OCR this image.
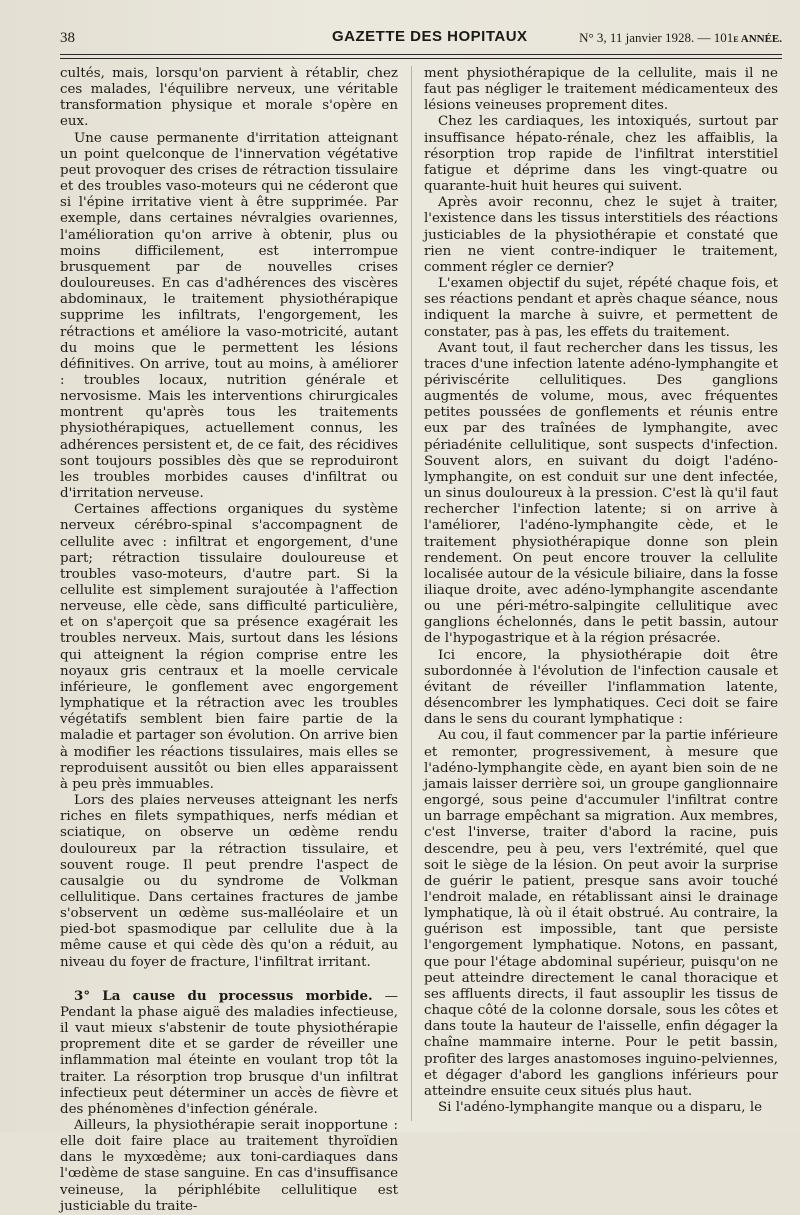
38	GAZETTE DES HOPITAUX	N° 3, 11 janvier 1928. — 101e ANNÉE.

cultés, mais, lorsqu'on parvient à rétablir, chez ces malades, l'équilibre nerveux, une véritable transformation physique et morale s'opère en eux.

Une cause permanente d'irritation atteignant un point quelconque de l'innervation végétative peut provoquer des crises de rétraction tissulaire et des troubles vaso-moteurs qui ne céderont que si l'épine irritative vient à être supprimée. Par exemple, dans certaines névralgies ovariennes, l'amélioration qu'on arrive à obtenir, plus ou moins difficilement, est interrompue brusquement par de nouvelles crises douloureuses. En cas d'adhérences des viscères abdominaux, le traitement physiothérapique supprime les infiltrats, l'engorgement, les rétractions et améliore la vaso-motricité, autant du moins que le permettent les lésions définitives. On arrive, tout au moins, à améliorer : troubles locaux, nutrition générale et nervosisme. Mais les interventions chirurgicales montrent qu'après tous les traitements physiothérapiques, actuellement connus, les adhérences persistent et, de ce fait, des récidives sont toujours possibles dès que se reproduiront les troubles morbides causes d'infiltrat ou d'irritation nerveuse.

Certaines affections organiques du système nerveux cérébro-spinal s'accompagnent de cellulite avec : infiltrat et engorgement, d'une part; rétraction tissulaire douloureuse et troubles vaso-moteurs, d'autre part. Si la cellulite est simplement surajoutée à l'affection nerveuse, elle cède, sans difficulté particulière, et on s'aperçoit que sa présence exagérait les troubles nerveux. Mais, surtout dans les lésions qui atteignent la région comprise entre les noyaux gris centraux et la moelle cervicale inférieure, le gonflement avec engorgement lymphatique et la rétraction avec les troubles végétatifs semblent bien faire partie de la maladie et partager son évolution. On arrive bien à modifier les réactions tissulaires, mais elles se reproduisent aussitôt ou bien elles apparaissent à peu près immuables.

Lors des plaies nerveuses atteignant les nerfs riches en filets sympathiques, nerfs médian et sciatique, on observe un œdème rendu douloureux par la rétraction tissulaire, et souvent rouge. Il peut prendre l'aspect de causalgie ou du syndrome de Volkman cellulitique. Dans certaines fractures de jambe s'observent un œdème sus-malléolaire et un pied-bot spasmodique par cellulite due à la même cause et qui cède dès qu'on a réduit, au niveau du foyer de fracture, l'infiltrat irritant.

3° La cause du processus morbide. — Pendant la phase aiguë des maladies infectieuse, il vaut mieux s'abstenir de toute physiothérapie proprement dite et se garder de réveiller une inflammation mal éteinte en voulant trop tôt la traiter. La résorption trop brusque d'un infiltrat infectieux peut déterminer un accès de fièvre et des phénomènes d'infection générale.

Ailleurs, la physiothérapie serait inopportune : elle doit faire place au traitement thyroïdien dans le myxœdème; aux toni-cardiaques dans l'œdème de stase sanguine. En cas d'insuffisance veineuse, la périphlébite cellulitique est justiciable du traite-

ment physiothérapique de la cellulite, mais il ne faut pas négliger le traitement médicamenteux des lésions veineuses proprement dites.

Chez les cardiaques, les intoxiqués, surtout par insuffisance hépato-rénale, chez les affaiblis, la résorption trop rapide de l'infiltrat interstitiel fatigue et déprime dans les vingt-quatre ou quarante-huit huit heures qui suivent.

Après avoir reconnu, chez le sujet à traiter, l'existence dans les tissus interstitiels des réactions justiciables de la physiothérapie et constaté que rien ne vient contre-indiquer le traitement, comment régler ce dernier?

L'examen objectif du sujet, répété chaque fois, et ses réactions pendant et après chaque séance, nous indiquent la marche à suivre, et permettent de constater, pas à pas, les effets du traitement.

Avant tout, il faut rechercher dans les tissus, les traces d'une infection latente adéno-lymphangite et périviscérite cellulitiques. Des ganglions augmentés de volume, mous, avec fréquentes petites poussées de gonflements et réunis entre eux par des traînées de lymphangite, avec périadénite cellulitique, sont suspects d'infection. Souvent alors, en suivant du doigt l'adéno-lymphangite, on est conduit sur une dent infectée, un sinus douloureux à la pression. C'est là qu'il faut rechercher l'infection latente; si on arrive à l'améliorer, l'adéno-lymphangite cède, et le traitement physiothérapique donne son plein rendement. On peut encore trouver la cellulite localisée autour de la vésicule biliaire, dans la fosse iliaque droite, avec adéno-lymphangite ascendante ou une péri-métro-salpingite cellulitique avec ganglions échelonnés, dans le petit bassin, autour de l'hypogastrique et à la région présacrée.

Ici encore, la physiothérapie doit être subordonnée à l'évolution de l'infection causale et évitant de réveiller l'inflammation latente, désencombrer les lymphatiques. Ceci doit se faire dans le sens du courant lymphatique :

Au cou, il faut commencer par la partie inférieure et remonter, progressivement, à mesure que l'adéno-lymphangite cède, en ayant bien soin de ne jamais laisser derrière soi, un groupe ganglionnaire engorgé, sous peine d'accumuler l'infiltrat contre un barrage empêchant sa migration. Aux membres, c'est l'inverse, traiter d'abord la racine, puis descendre, peu à peu, vers l'extrémité, quel que soit le siège de la lésion. On peut avoir la surprise de guérir le patient, presque sans avoir touché l'endroit malade, en rétablissant ainsi le drainage lymphatique, là où il était obstrué. Au contraire, la guérison est impossible, tant que persiste l'engorgement lymphatique. Notons, en passant, que pour l'étage abdominal supérieur, puisqu'on ne peut atteindre directement le canal thoracique et ses affluents directs, il faut assouplir les tissus de chaque côté de la colonne dorsale, sous les côtes et dans toute la hauteur de l'aisselle, enfin dégager la chaîne mammaire interne. Pour le petit bassin, profiter des larges anastomoses inguino-pelviennes, et dégager d'abord les ganglions inférieurs pour atteindre ensuite ceux situés plus haut.

Si l'adéno-lymphangite manque ou a disparu, le
